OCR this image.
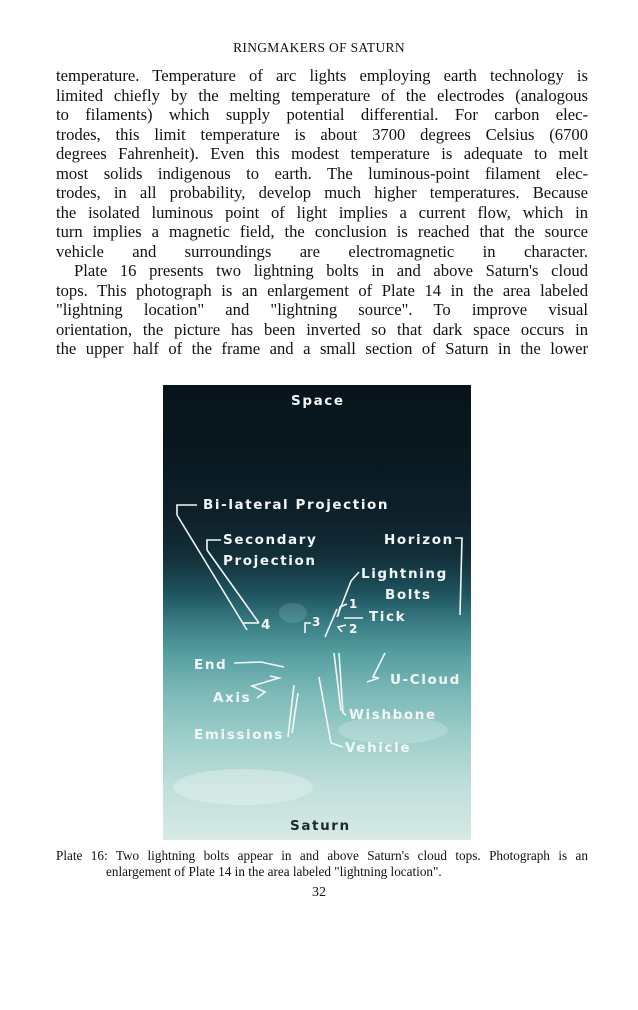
RINGMAKERS OF SATURN

temperature. Temperature of arc lights employing earth technology is

limited chiefly by the melting temperature of the electrodes (analogous

to filaments) which supply potential differential. For carbon elec-

trodes, this limit temperature is about 3700 degrees Celsius (6700

degrees Fahrenheit). Even this modest temperature is adequate to melt

most solids indigenous to earth. The luminous-point filament elec-

trodes, in all probability, develop much higher temperatures. Because

the isolated luminous point of light implies a current flow, which in

turn implies a magnetic field, the conclusion is reached that the source

vehicle and surroundings are electromagnetic in character.

Plate 16 presents two lightning bolts in and above Saturn's cloud

tops. This photograph is an enlargement of Plate 14 in the area labeled

"lightning location" and "lightning source". To improve visual

orientation, the picture has been inverted so that dark space occurs in

the upper half of the frame and a small section of Saturn in the lower

Space
Bi-lateral Projection
Secondary
Projection
Horizon
Lightning
Bolts
Tick
4	3
1
2
End
U-Cloud
Axis
Wishbone
Emissions
Vehicle
Saturn
Plate 16: Two lightning bolts appear in and above Saturn's cloud tops. Photograph is an
enlargement of Plate 14 in the area labeled "lightning location".
32
